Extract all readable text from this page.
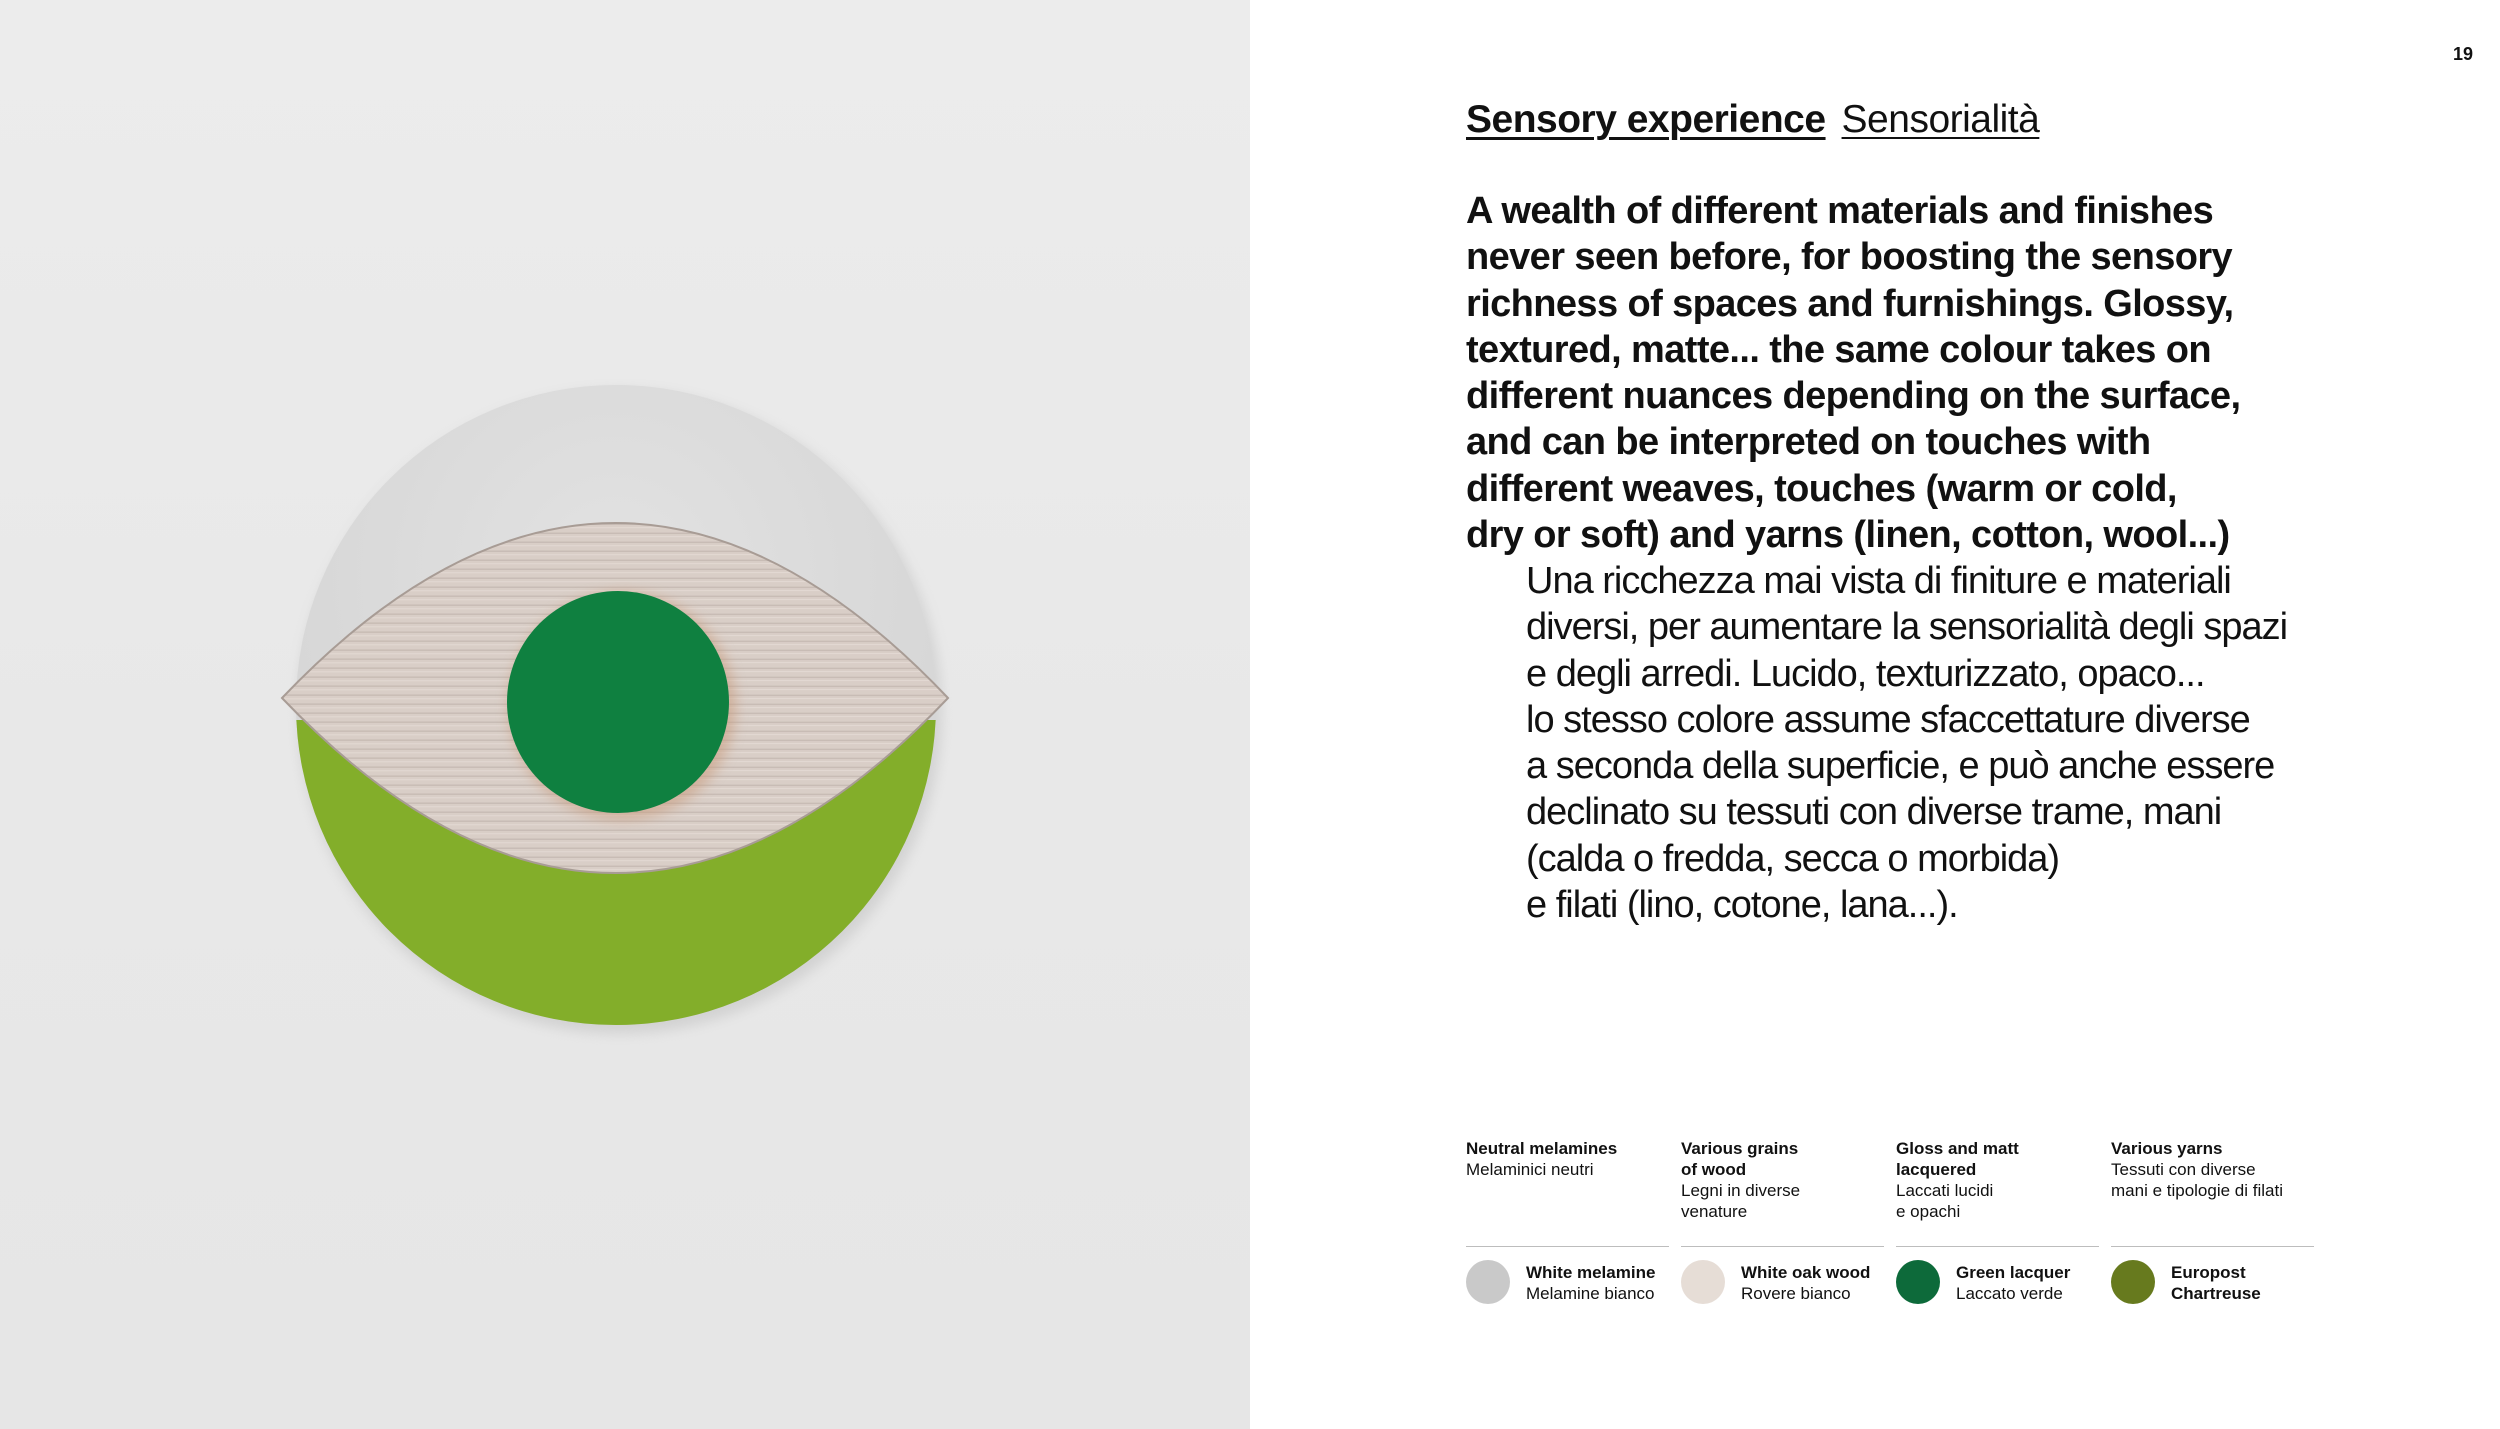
19
Sensory experience Sensorialità
A wealth of different materials and finishes
never seen before, for boosting the sensory
richness of spaces and furnishings. Glossy,
textured, matte... the same colour takes on
different nuances depending on the surface,
and can be interpreted on touches with
different weaves, touches (warm or cold,
dry or soft) and yarns (linen, cotton, wool...)
Una ricchezza mai vista di finiture e materiali
diversi, per aumentare la sensorialità degli spazi
e degli arredi. Lucido, texturizzato, opaco...
lo stesso colore assume sfaccettature diverse
a seconda della superficie, e può anche essere
declinato su tessuti con diverse trame, mani
(calda o fredda, secca o morbida)
e filati (lino, cotone, lana...).
Neutral melamines
Melaminici neutri
Various grains
of wood
Legni in diverse
venature
Gloss and matt
lacquered
Laccati lucidi
e opachi
Various yarns
Tessuti con diverse
mani e tipologie di filati
White melamine
Melamine bianco
White oak wood
Rovere bianco
Green lacquer
Laccato verde
Europost
Chartreuse
